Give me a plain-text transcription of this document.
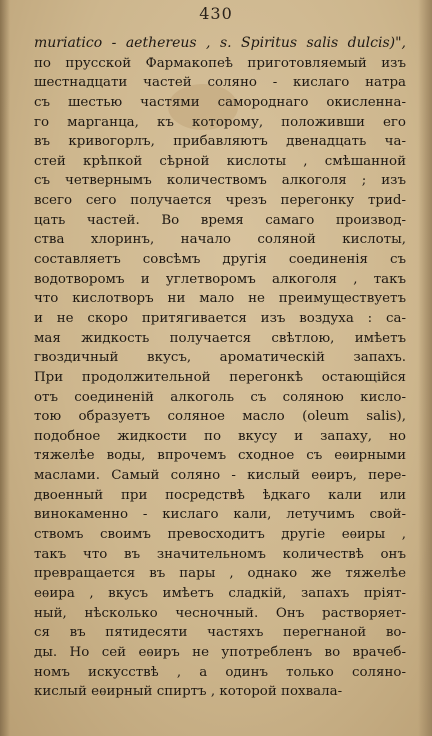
430
muriatico - aethereus , s. Spiritus salis dulcis)",
по прусской Фармакопеѣ приготовляемый изъ
шестнадцати частей соляно - кислаго натра
съ шестью частями самороднаго окисленна-
го марганца, къ которому, положивши его
въ кривогорлъ, прибавляютъ двенадцать ча-
стей крѣпкой сѣрной кислоты , смѣшанной
съ четвернымъ количествомъ алкоголя ; изъ
всего сего получается чрезъ перегонку триd-
цать частей. Во время самаго производ-
ства хлоринъ, начало соляной кислоты,
составляетъ совсѣмъ другiя соединенiя съ
водотворомъ и углетворомъ алкоголя , такъ
что кислотворъ ни мало не преимуществуетъ
и не скоро притягивается изъ воздуха : са-
мая жидкость получается свѣтлою, имѣетъ
гвоздичный вкусъ, ароматическiй запахъ.
При продолжительной перегонкѣ остающiйся
отъ соединенiй алкоголь съ соляною кисло-
тою образуетъ соляное масло (oleum salis),
подобное жидкости по вкусу и запаху, но
тяжелѣе воды, впрочемъ сходное съ еѳирными
маслами. Самый соляно - кислый еѳиръ, пере-
двоенный при посредствѣ ѣдкаго кали или
винокаменно - кислаго кали, летучимъ свой-
ствомъ своимъ превосходитъ другiе еѳиры ,
такъ что въ значительномъ количествѣ онъ
превращается въ пары , однако же тяжелѣе
еѳира , вкусъ имѣетъ сладкiй, запахъ прiят-
ный, нѣсколько чесночный. Онъ растворяет-
ся въ пятидесяти частяхъ перегнаной во-
ды. Но сей еѳиръ не употребленъ во врачеб-
номъ искусствѣ , а одинъ только соляно-
кислый еѳирный спиртъ , которой похвала-
